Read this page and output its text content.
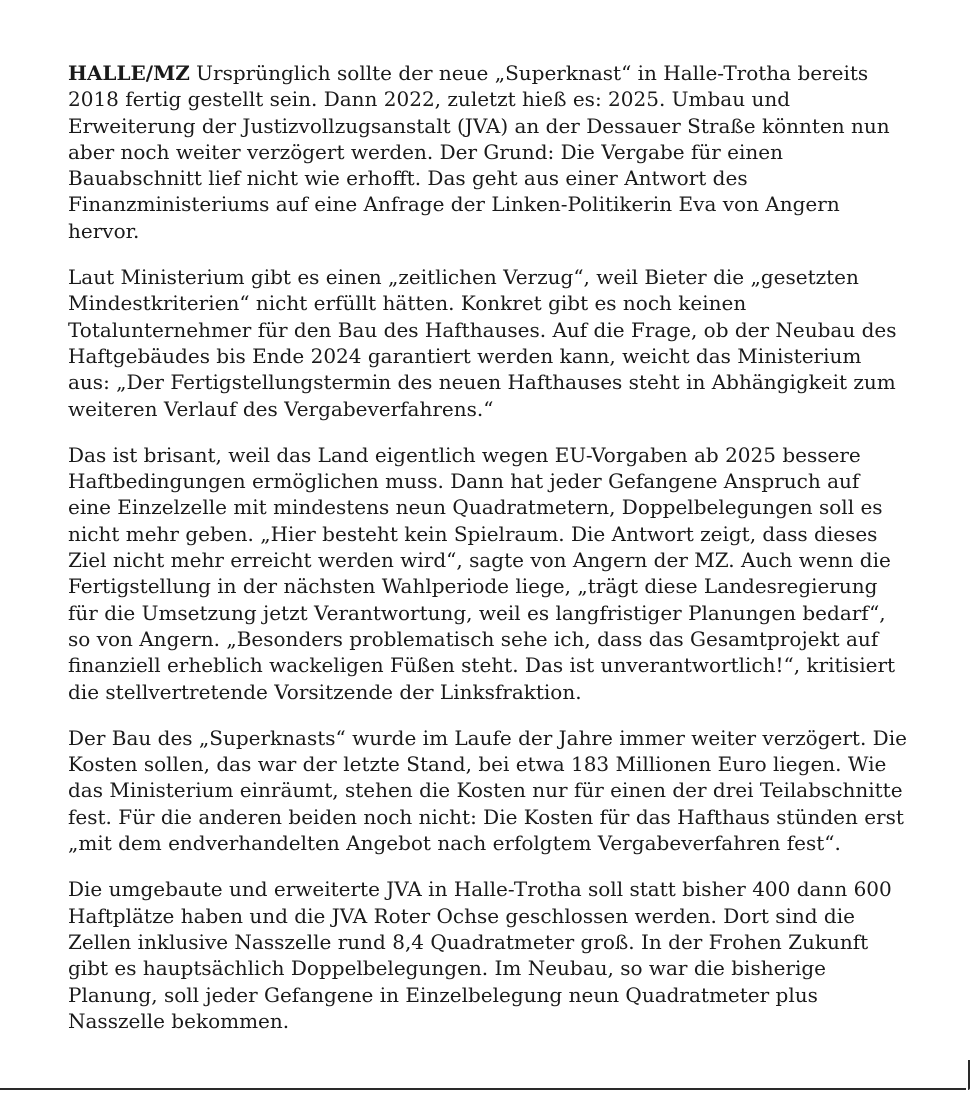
HALLE/MZ Ursprünglich sollte der neue „Superknast“ in Halle-Trotha bereits 2018 fertig gestellt sein. Dann 2022, zuletzt hieß es: 2025. Umbau und Erweiterung der Justizvollzugsanstalt (JVA) an der Dessauer Straße könnten nun aber noch weiter verzögert werden. Der Grund: Die Vergabe für einen Bauabschnitt lief nicht wie erhofft. Das geht aus einer Antwort des Finanzministeriums auf eine Anfrage der Linken-Politikerin Eva von Angern hervor.

Laut Ministerium gibt es einen „zeitlichen Verzug“, weil Bieter die „gesetzten Mindestkriterien“ nicht erfüllt hätten. Konkret gibt es noch keinen Totalunternehmer für den Bau des Hafthauses. Auf die Frage, ob der Neubau des Haftgebäudes bis Ende 2024 garantiert werden kann, weicht das Ministerium aus: „Der Fertigstellungstermin des neuen Hafthauses steht in Abhängigkeit zum weiteren Verlauf des Vergabeverfahrens.“

Das ist brisant, weil das Land eigentlich wegen EU-Vorgaben ab 2025 bessere Haftbedingungen ermöglichen muss. Dann hat jeder Gefangene Anspruch auf eine Einzelzelle mit mindestens neun Quadratmetern, Doppelbelegungen soll es nicht mehr geben. „Hier besteht kein Spielraum. Die Antwort zeigt, dass dieses Ziel nicht mehr erreicht werden wird“, sagte von Angern der MZ. Auch wenn die Fertigstellung in der nächsten Wahlperiode liege, „trägt diese Landesregierung für die Umsetzung jetzt Verantwortung, weil es langfristiger Planungen bedarf“, so von Angern. „Besonders problematisch sehe ich, dass das Gesamtprojekt auf finanziell erheblich wackeligen Füßen steht. Das ist unverantwortlich!“, kritisiert die stellvertretende Vorsitzende der Linksfraktion.

Der Bau des „Superknasts“ wurde im Laufe der Jahre immer weiter verzögert. Die Kosten sollen, das war der letzte Stand, bei etwa 183 Millionen Euro liegen. Wie das Ministerium einräumt, stehen die Kosten nur für einen der drei Teilabschnitte fest. Für die anderen beiden noch nicht: Die Kosten für das Hafthaus stünden erst „mit dem endverhandelten Angebot nach erfolgtem Vergabeverfahren fest“.

Die umgebaute und erweiterte JVA in Halle-Trotha soll statt bisher 400 dann 600 Haftplätze haben und die JVA Roter Ochse geschlossen werden. Dort sind die Zellen inklusive Nasszelle rund 8,4 Quadratmeter groß. In der Frohen Zukunft gibt es hauptsächlich Doppelbelegungen. Im Neubau, so war die bisherige Planung, soll jeder Gefangene in Einzelbelegung neun Quadratmeter plus Nasszelle bekommen.
